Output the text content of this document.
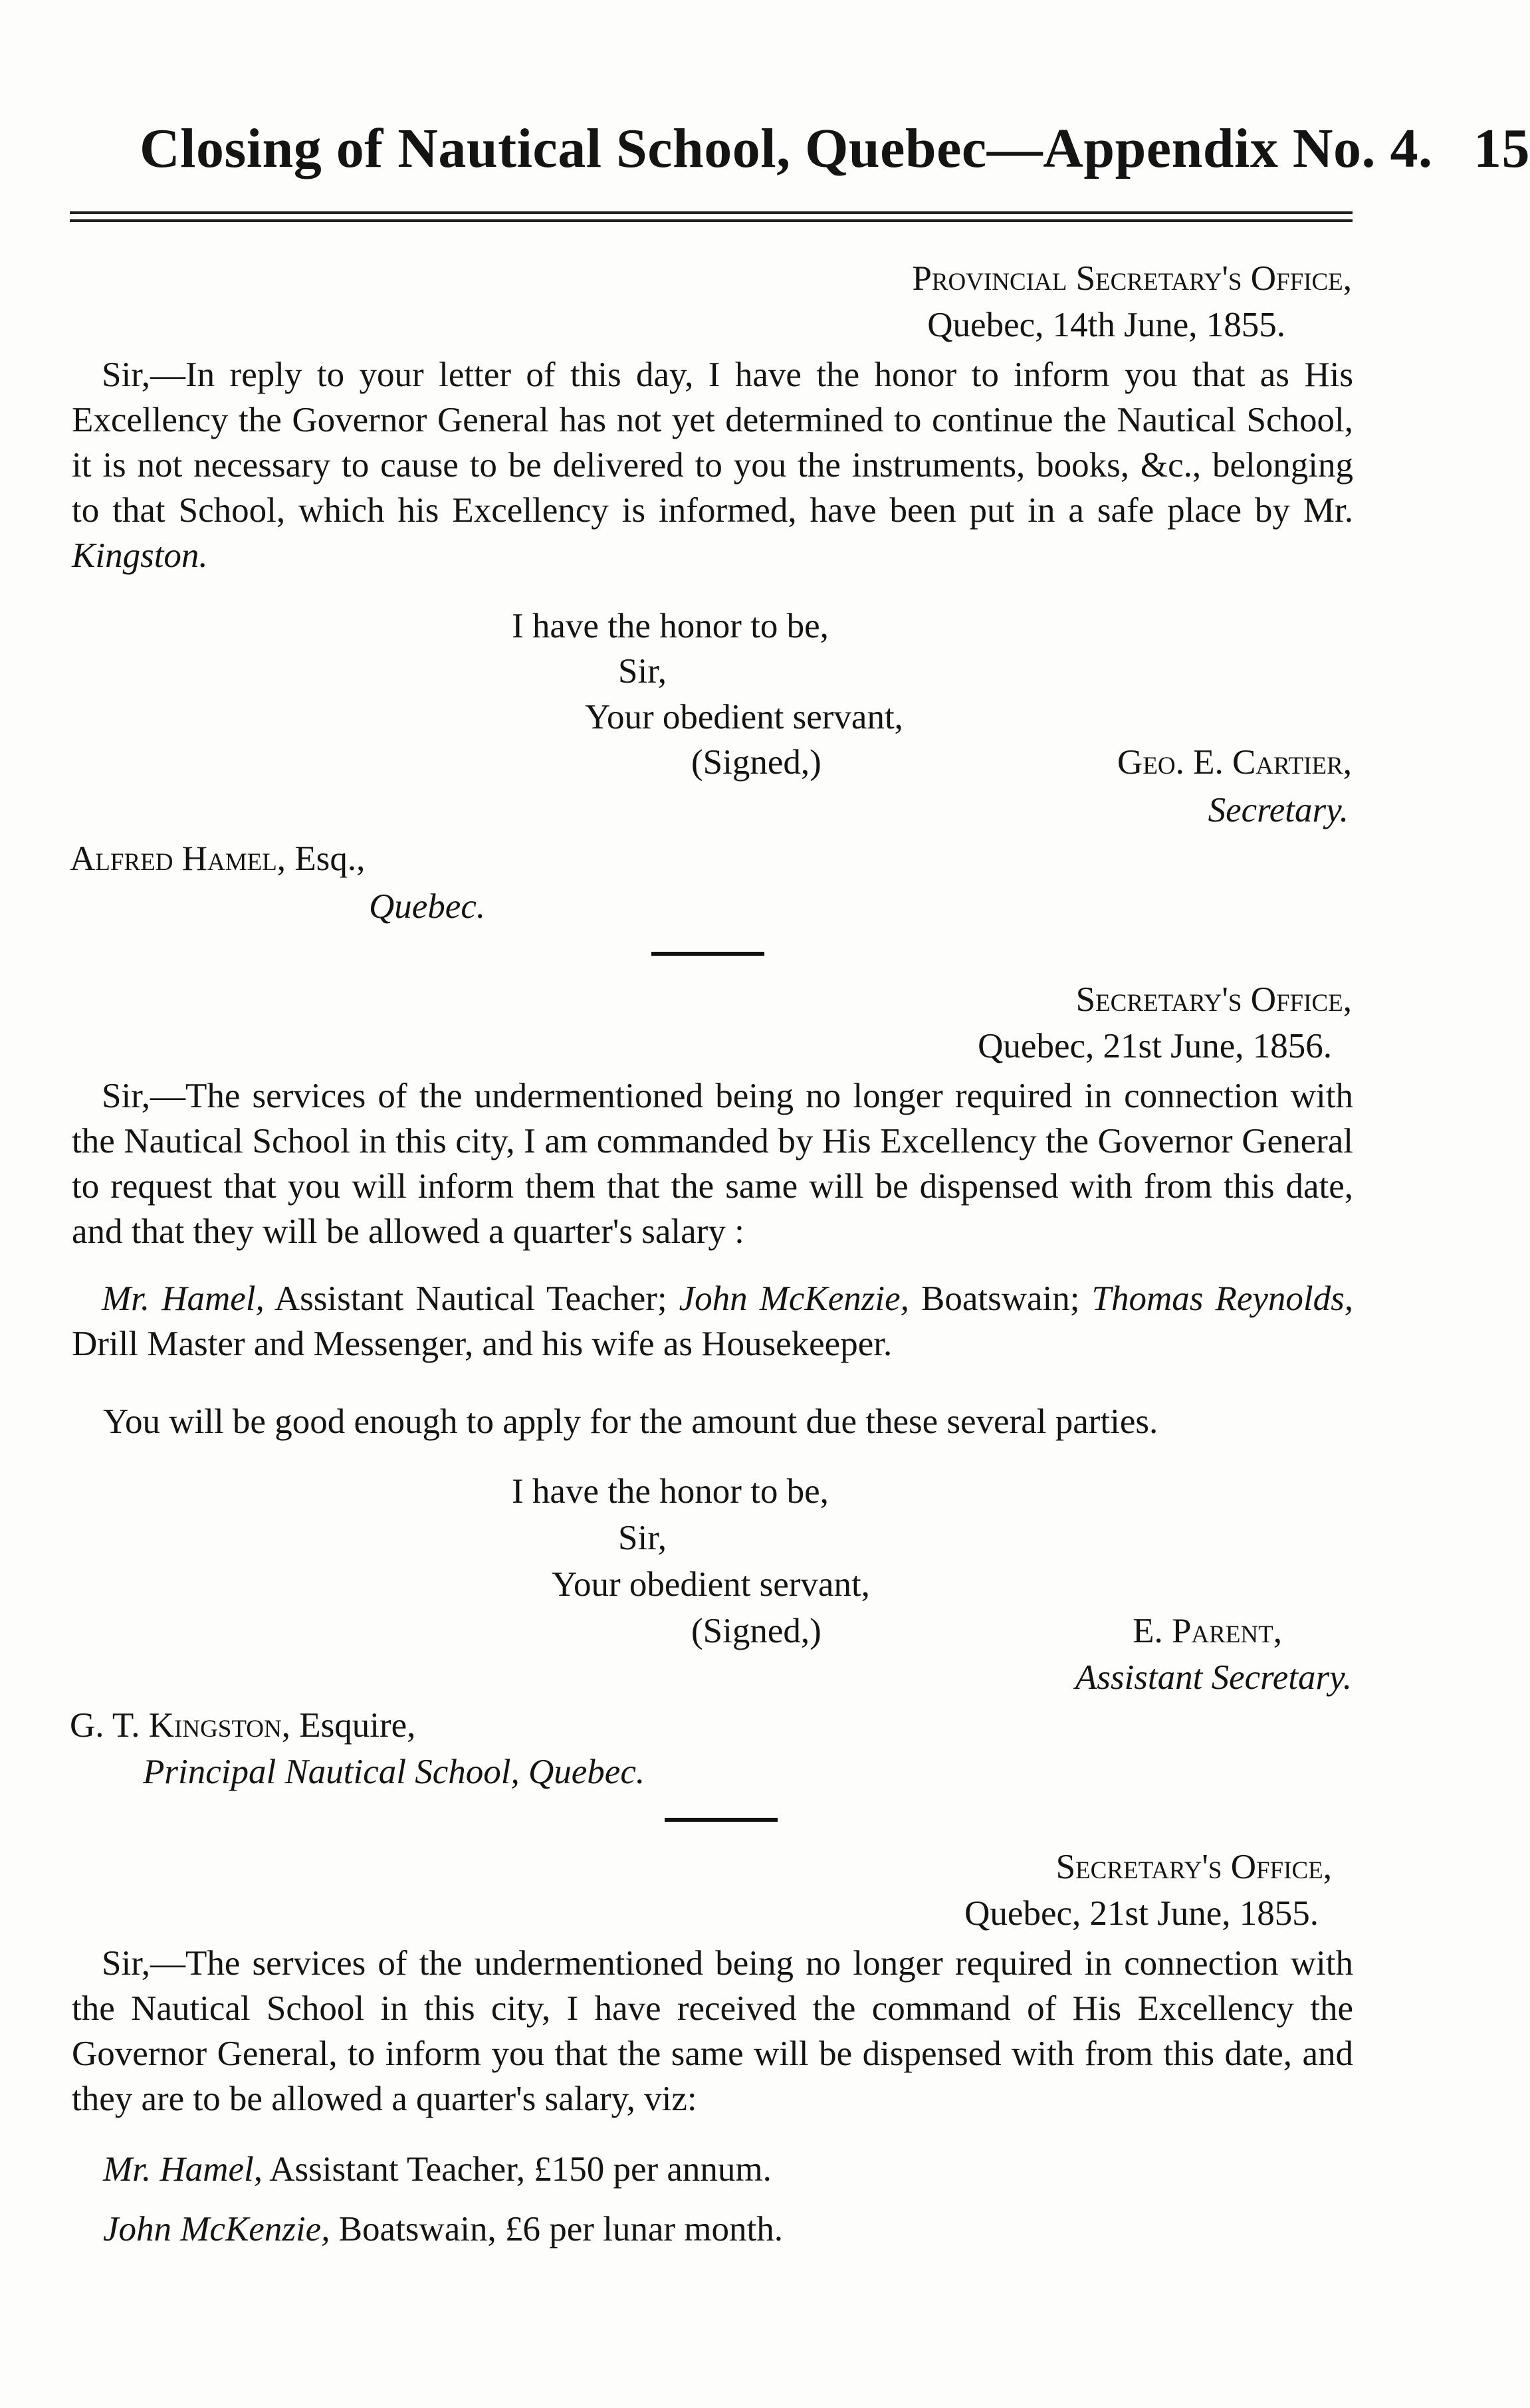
Closing of Nautical School, Quebec—Appendix No. 4. 15
Provincial Secretary's Office,
Quebec, 14th June, 1855.
Sir,—In reply to your letter of this day, I have the honor to inform you that as His Excellency the Governor General has not yet determined to continue the Nautical School, it is not necessary to cause to be delivered to you the instruments, books, &c., belonging to that School, which his Excellency is informed, have been put in a safe place by Mr. Kingston.
I have the honor to be,
Sir,
Your obedient servant,
(Signed,)	Geo. E. Cartier,
Secretary.
Alfred Hamel, Esq.,
Quebec.
Secretary's Office,
Quebec, 21st June, 1856.
Sir,—The services of the undermentioned being no longer required in connection with the Nautical School in this city, I am commanded by His Excellency the Governor General to request that you will inform them that the same will be dispensed with from this date, and that they will be allowed a quarter's salary :
Mr. Hamel, Assistant Nautical Teacher; John McKenzie, Boatswain; Thomas Reynolds, Drill Master and Messenger, and his wife as Housekeeper.
You will be good enough to apply for the amount due these several parties.
I have the honor to be,
Sir,
Your obedient servant,
(Signed,)	E. Parent,
Assistant Secretary.
G. T. Kingston, Esquire,
Principal Nautical School, Quebec.
Secretary's Office,
Quebec, 21st June, 1855.
Sir,—The services of the undermentioned being no longer required in connection with the Nautical School in this city, I have received the command of His Excellency the Governor General, to inform you that the same will be dispensed with from this date, and they are to be allowed a quarter's salary, viz:
Mr. Hamel, Assistant Teacher, £150 per annum.
John McKenzie, Boatswain, £6 per lunar month.
